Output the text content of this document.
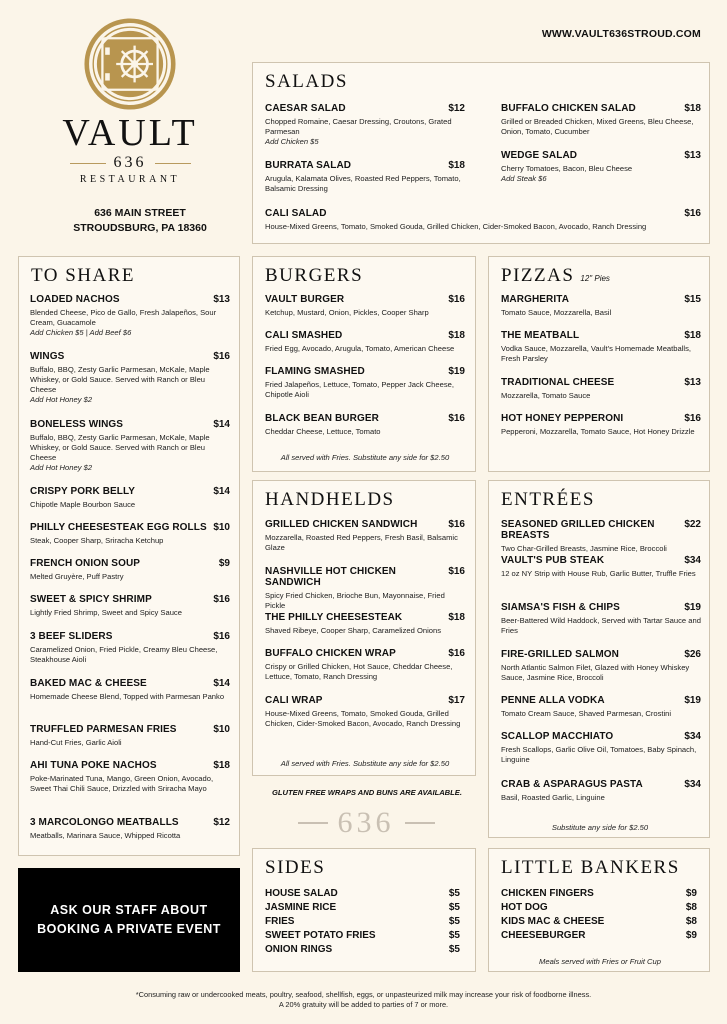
VAULT
636
RESTAURANT
636 MAIN STREET
STROUDSBURG, PA 18360
WWW.VAULT636STROUD.COM
SALADS
CAESAR SALAD	$12
Chopped Romaine, Caesar Dressing, Croutons, Grated Parmesan
Add Chicken $5
BURRATA SALAD	$18
Arugula, Kalamata Olives, Roasted Red Peppers, Tomato, Balsamic Dressing
BUFFALO CHICKEN SALAD	$18
Grilled or Breaded Chicken, Mixed Greens, Bleu Cheese, Onion, Tomato, Cucumber
WEDGE SALAD	$13
Cherry Tomatoes, Bacon, Bleu Cheese
Add Steak $6
CALI SALAD	$16
House-Mixed Greens, Tomato, Smoked Gouda, Grilled Chicken, Cider-Smoked Bacon, Avocado, Ranch Dressing
TO SHARE
LOADED NACHOS	$13
Blended Cheese, Pico de Gallo, Fresh Jalapeños, Sour Cream, Guacamole
Add Chicken $5 | Add Beef $6
WINGS	$16
Buffalo, BBQ, Zesty Garlic Parmesan, McKale, Maple Whiskey, or Gold Sauce. Served with Ranch or Bleu Cheese
Add Hot Honey $2
BONELESS WINGS	$14
Buffalo, BBQ, Zesty Garlic Parmesan, McKale, Maple Whiskey, or Gold Sauce. Served with Ranch or Bleu Cheese
Add Hot Honey $2
CRISPY PORK BELLY	$14
Chipotle Maple Bourbon Sauce
PHILLY CHEESESTEAK EGG ROLLS $10
Steak, Cooper Sharp, Sriracha Ketchup
FRENCH ONION SOUP	$9
Melted Gruyère, Puff Pastry
SWEET & SPICY SHRIMP	$16
Lightly Fried Shrimp, Sweet and Spicy Sauce
3 BEEF SLIDERS	$16
Caramelized Onion, Fried Pickle, Creamy Bleu Cheese, Steakhouse Aioli
BAKED MAC & CHEESE	$14
Homemade Cheese Blend, Topped with Parmesan Panko
TRUFFLED PARMESAN FRIES	$10
Hand-Cut Fries, Garlic Aioli
AHI TUNA POKE NACHOS	$18
Poke-Marinated Tuna, Mango, Green Onion, Avocado, Sweet Thai Chili Sauce, Drizzled with Sriracha Mayo
3 MARCOLONGO MEATBALLS	$12
Meatballs, Marinara Sauce, Whipped Ricotta
BURGERS
VAULT BURGER	$16
Ketchup, Mustard, Onion, Pickles, Cooper Sharp
CALI SMASHED	$18
Fried Egg, Avocado, Arugula, Tomato, American Cheese
FLAMING SMASHED	$19
Fried Jalapeños, Lettuce, Tomato, Pepper Jack Cheese, Chipotle Aioli
BLACK BEAN BURGER	$16
Cheddar Cheese, Lettuce, Tomato
All served with Fries. Substitute any side for $2.50
PIZZAS 12" Pies
MARGHERITA	$15
Tomato Sauce, Mozzarella, Basil
THE MEATBALL	$18
Vodka Sauce, Mozzarella, Vault's Homemade Meatballs, Fresh Parsley
TRADITIONAL CHEESE	$13
Mozzarella, Tomato Sauce
HOT HONEY PEPPERONI	$16
Pepperoni, Mozzarella, Tomato Sauce, Hot Honey Drizzle
HANDHELDS
GRILLED CHICKEN SANDWICH	$16
Mozzarella, Roasted Red Peppers, Fresh Basil, Balsamic Glaze
NASHVILLE HOT CHICKEN SANDWICH
$16
Spicy Fried Chicken, Brioche Bun, Mayonnaise, Fried Pickle
THE PHILLY CHEESESTEAK	$18
Shaved Ribeye, Cooper Sharp, Caramelized Onions
BUFFALO CHICKEN WRAP	$16
Crispy or Grilled Chicken, Hot Sauce, Cheddar Cheese, Lettuce, Tomato, Ranch Dressing
CALI WRAP	$17
House-Mixed Greens, Tomato, Smoked Gouda, Grilled Chicken, Cider-Smoked Bacon, Avocado, Ranch Dressing
All served with Fries. Substitute any side for $2.50
GLUTEN FREE WRAPS AND BUNS ARE AVAILABLE.
636
ENTRÉES
SEASONED GRILLED CHICKEN BREASTS
$22
Two Char-Grilled Breasts, Jasmine Rice, Broccoli
VAULT'S PUB STEAK	$34
12 oz NY Strip with House Rub, Garlic Butter, Truffle Fries
SIAMSA'S FISH & CHIPS	$19
Beer-Battered Wild Haddock, Served with Tartar Sauce and Fries
FIRE-GRILLED SALMON	$26
North Atlantic Salmon Filet, Glazed with Honey Whiskey Sauce, Jasmine Rice, Broccoli
PENNE ALLA VODKA	$19
Tomato Cream Sauce, Shaved Parmesan, Crostini
SCALLOP MACCHIATO	$34
Fresh Scallops, Garlic Olive Oil, Tomatoes, Baby Spinach, Linguine
CRAB & ASPARAGUS PASTA	$34
Basil, Roasted Garlic, Linguine
Substitute any side for $2.50
SIDES
HOUSE SALAD	$5
JASMINE RICE	$5
FRIES	$5
SWEET POTATO FRIES	$5
ONION RINGS	$5
LITTLE BANKERS
CHICKEN FINGERS	$9
HOT DOG	$8
KIDS MAC & CHEESE	$8
CHEESEBURGER	$9
Meals served with Fries or Fruit Cup
ASK OUR STAFF ABOUT
BOOKING A PRIVATE EVENT
*Consuming raw or undercooked meats, poultry, seafood, shellfish, eggs, or unpasteurized milk may increase your risk of foodborne illness.
A 20% gratuity will be added to parties of 7 or more.
